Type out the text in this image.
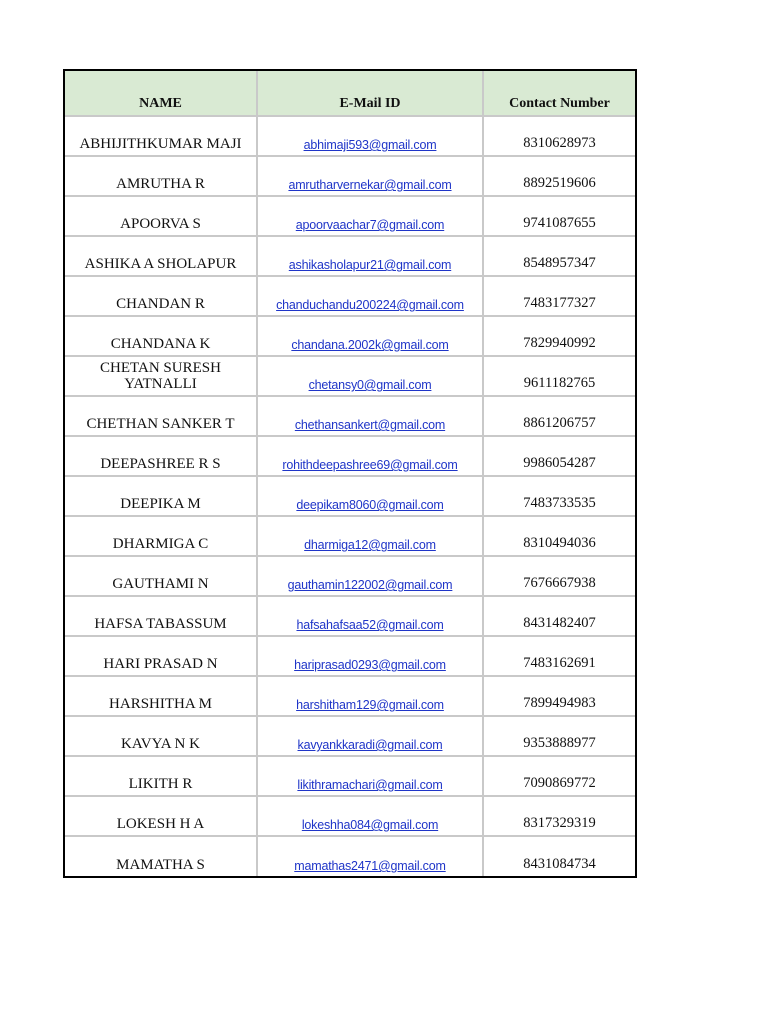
NAME	E-Mail ID	Contact Number
ABHIJITHKUMAR MAJI	abhimaji593@gmail.com	8310628973
AMRUTHA R	amrutharvernekar@gmail.com	8892519606
APOORVA S	apoorvaachar7@gmail.com	9741087655
ASHIKA A SHOLAPUR	ashikasholapur21@gmail.com	8548957347
CHANDAN R	chanduchandu200224@gmail.com	7483177327
CHANDANA K	chandana.2002k@gmail.com	7829940992
CHETAN SURESH YATNALLI	chetansy0@gmail.com	9611182765
CHETHAN SANKER T	chethansankert@gmail.com	8861206757
DEEPASHREE R S	rohithdeepashree69@gmail.com	9986054287
DEEPIKA M	deepikam8060@gmail.com	7483733535
DHARMIGA C	dharmiga12@gmail.com	8310494036
GAUTHAMI N	gauthamin122002@gmail.com	7676667938
HAFSA TABASSUM	hafsahafsaa52@gmail.com	8431482407
HARI PRASAD N	hariprasad0293@gmail.com	7483162691
HARSHITHA M	harshitham129@gmail.com	7899494983
KAVYA N K	kavyankkaradi@gmail.com	9353888977
LIKITH R	likithramachari@gmail.com	7090869772
LOKESH H A	lokeshha084@gmail.com	8317329319
MAMATHA S	mamathas2471@gmail.com	8431084734
